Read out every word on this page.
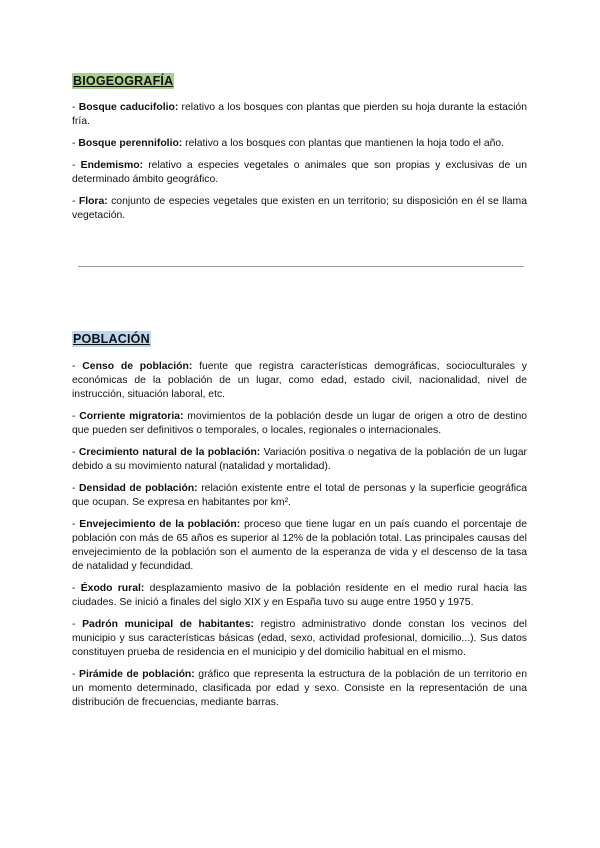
BIOGEOGRAFÍA

- Bosque caducifolio: relativo a los bosques con plantas que pierden su hoja durante la estación fría.

- Bosque perennifolio: relativo a los bosques con plantas que mantienen la hoja todo el año.

- Endemismo: relativo a especies vegetales o animales que son propias y exclusivas de un determinado ámbito geográfico.

- Flora: conjunto de especies vegetales que existen en un territorio; su disposición en él se llama vegetación.

POBLACIÓN

- Censo de población: fuente que registra características demográficas, socioculturales y económicas de la población de un lugar, como edad, estado civil, nacionalidad, nivel de instrucción, situación laboral, etc.

- Corriente migratoria: movimientos de la población desde un lugar de origen a otro de destino que pueden ser definitivos o temporales, o locales, regionales o internacionales.

- Crecimiento natural de la población: Variación positiva o negativa de la población de un lugar debido a su movimiento natural (natalidad y mortalidad).

- Densidad de población: relación existente entre el total de personas y la superficie geográfica que ocupan. Se expresa en habitantes por km².

- Envejecimiento de la población: proceso que tiene lugar en un país cuando el porcentaje de población con más de 65 años es superior al 12% de la población total. Las principales causas del envejecimiento de la población son el aumento de la esperanza de vida y el descenso de la tasa de natalidad y fecundidad.

- Éxodo rural: desplazamiento masivo de la población residente en el medio rural hacia las ciudades. Se inició a finales del siglo XIX y en España tuvo su auge entre 1950 y 1975.

- Padrón municipal de habitantes: registro administrativo donde constan los vecinos del municipio y sus características básicas (edad, sexo, actividad profesional, domicilio...). Sus datos constituyen prueba de residencia en el municipio y del domicilio habitual en el mismo.

- Pirámide de población: gráfico que representa la estructura de la población de un territorio en un momento determinado, clasificada por edad y sexo. Consiste en la representación de una distribución de frecuencias, mediante barras.
